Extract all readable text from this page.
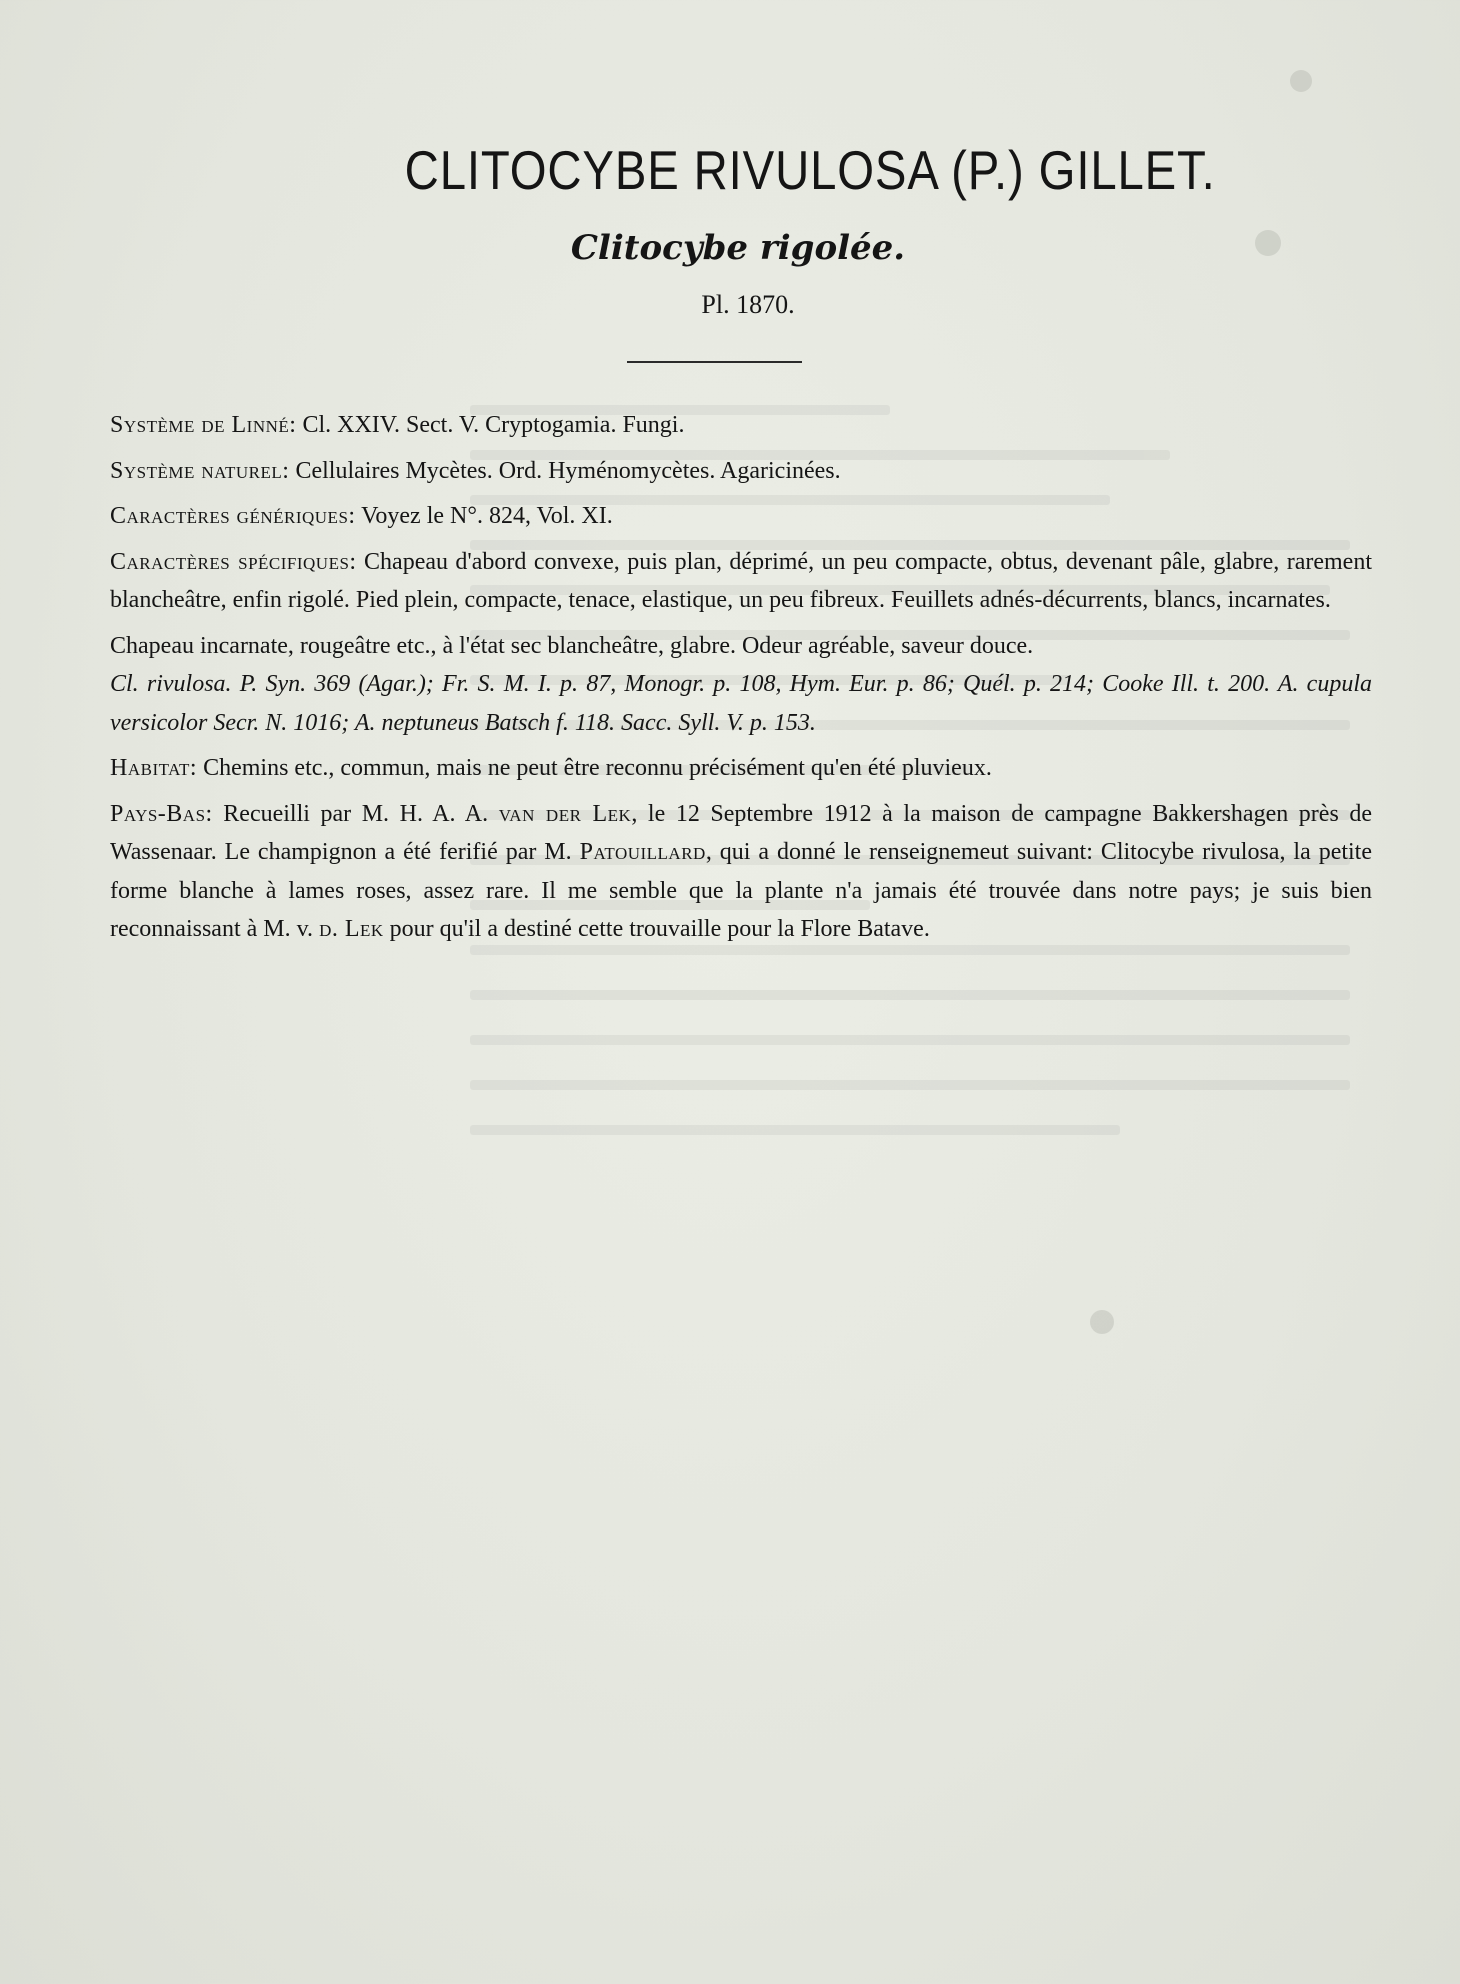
CLITOCYBE RIVULOSA (P.) GILLET.
Clitocybe rigolée.
Pl. 1870.

Système de Linné: Cl. XXIV. Sect. V. Cryptogamia. Fungi.

Système naturel: Cellulaires Mycètes. Ord. Hyménomycètes. Agaricinées.

Caractères génériques: Voyez le N°. 824, Vol. XI.

Caractères spécifiques: Chapeau d'abord convexe, puis plan, déprimé, un peu compacte, obtus, devenant pâle, glabre, rarement blancheâtre, enfin rigolé. Pied plein, compacte, tenace, elastique, un peu fibreux. Feuillets adnés-décurrents, blancs, incarnates.

Chapeau incarnate, rougeâtre etc., à l'état sec blancheâtre, glabre. Odeur agréable, saveur douce.

Cl. rivulosa. P. Syn. 369 (Agar.); Fr. S. M. I. p. 87, Monogr. p. 108, Hym. Eur. p. 86; Quél. p. 214; Cooke Ill. t. 200. A. cupula versicolor Secr. N. 1016; A. neptuneus Batsch f. 118. Sacc. Syll. V. p. 153.

Habitat: Chemins etc., commun, mais ne peut être reconnu précisément qu'en été pluvieux.

Pays-Bas: Recueilli par M. H. A. A. van der Lek, le 12 Septembre 1912 à la maison de campagne Bakkershagen près de Wassenaar. Le champignon a été ferifié par M. Patouillard, qui a donné le renseignemeut suivant: Clitocybe rivulosa, la petite forme blanche à lames roses, assez rare. Il me semble que la plante n'a jamais été trouvée dans notre pays; je suis bien reconnaissant à M. v. d. Lek pour qu'il a destiné cette trouvaille pour la Flore Batave.
